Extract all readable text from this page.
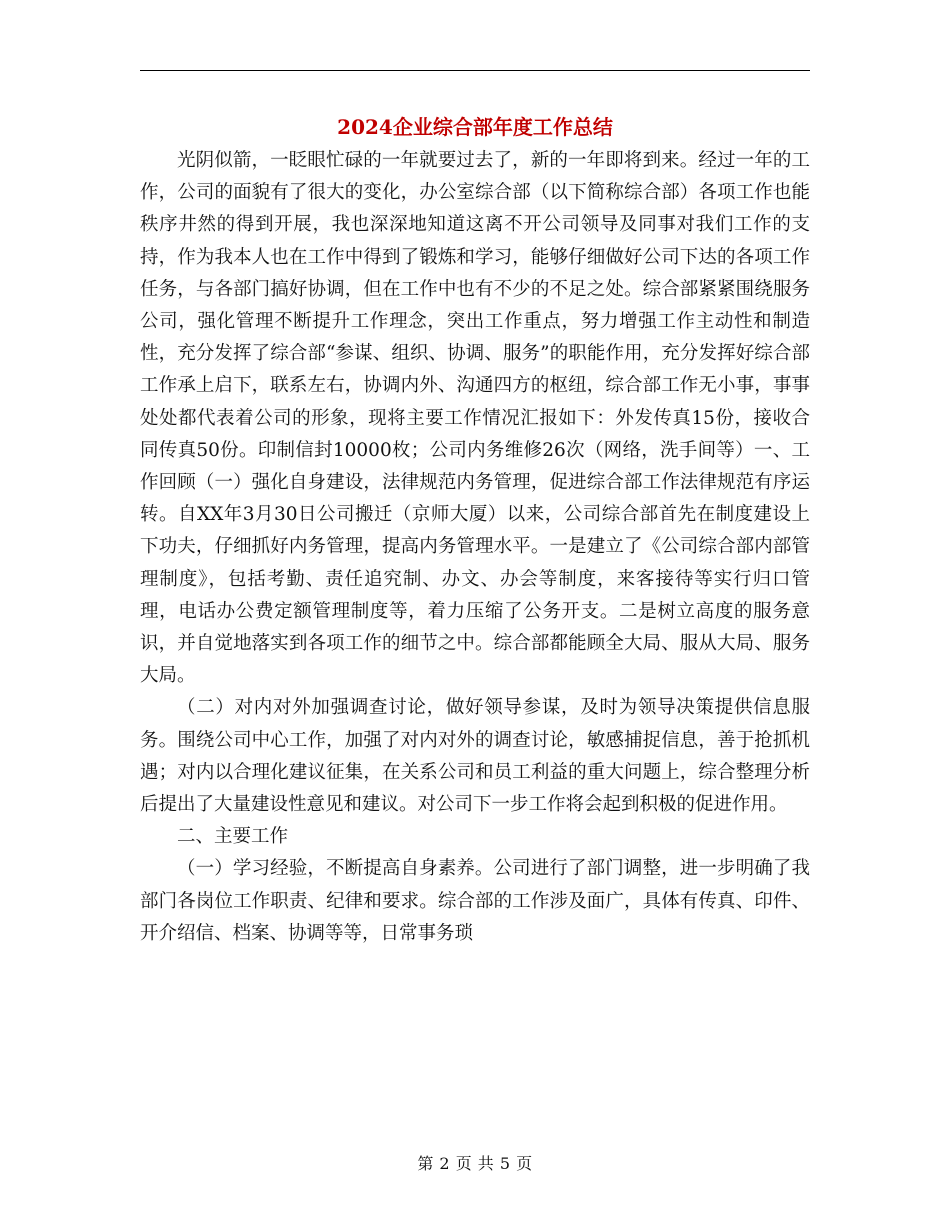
2024企业综合部年度工作总结

光阴似箭，一眨眼忙碌的一年就要过去了，新的一年即将到来。经过一年的工作，公司的面貌有了很大的变化，办公室综合部（以下简称综合部）各项工作也能秩序井然的得到开展，我也深深地知道这离不开公司领导及同事对我们工作的支持，作为我本人也在工作中得到了锻炼和学习，能够仔细做好公司下达的各项工作任务，与各部门搞好协调，但在工作中也有不少的不足之处。综合部紧紧围绕服务公司，强化管理不断提升工作理念，突出工作重点，努力增强工作主动性和制造性，充分发挥了综合部“参谋、组织、协调、服务”的职能作用，充分发挥好综合部工作承上启下，联系左右，协调内外、沟通四方的枢纽，综合部工作无小事，事事处处都代表着公司的形象，现将主要工作情况汇报如下：外发传真15份，接收合同传真50份。印制信封10000枚；公司内务维修26次（网络，洗手间等）一、工作回顾（一）强化自身建设，法律规范内务管理，促进综合部工作法律规范有序运转。自XX年3月30日公司搬迁（京师大厦）以来，公司综合部首先在制度建设上下功夫，仔细抓好内务管理，提高内务管理水平。一是建立了《公司综合部内部管理制度》，包括考勤、责任追究制、办文、办会等制度，来客接待等实行归口管理，电话办公费定额管理制度等，着力压缩了公务开支。二是树立高度的服务意识，并自觉地落实到各项工作的细节之中。综合部都能顾全大局、服从大局、服务大局。

（二）对内对外加强调查讨论，做好领导参谋，及时为领导决策提供信息服务。围绕公司中心工作，加强了对内对外的调查讨论，敏感捕捉信息，善于抢抓机遇；对内以合理化建议征集，在关系公司和员工利益的重大问题上，综合整理分析后提出了大量建设性意见和建议。对公司下一步工作将会起到积极的促进作用。

二、主要工作

（一）学习经验，不断提高自身素养。公司进行了部门调整，进一步明确了我部门各岗位工作职责、纪律和要求。综合部的工作涉及面广，具体有传真、印件、开介绍信、档案、协调等等，日常事务琐

第 2 页 共 5 页
